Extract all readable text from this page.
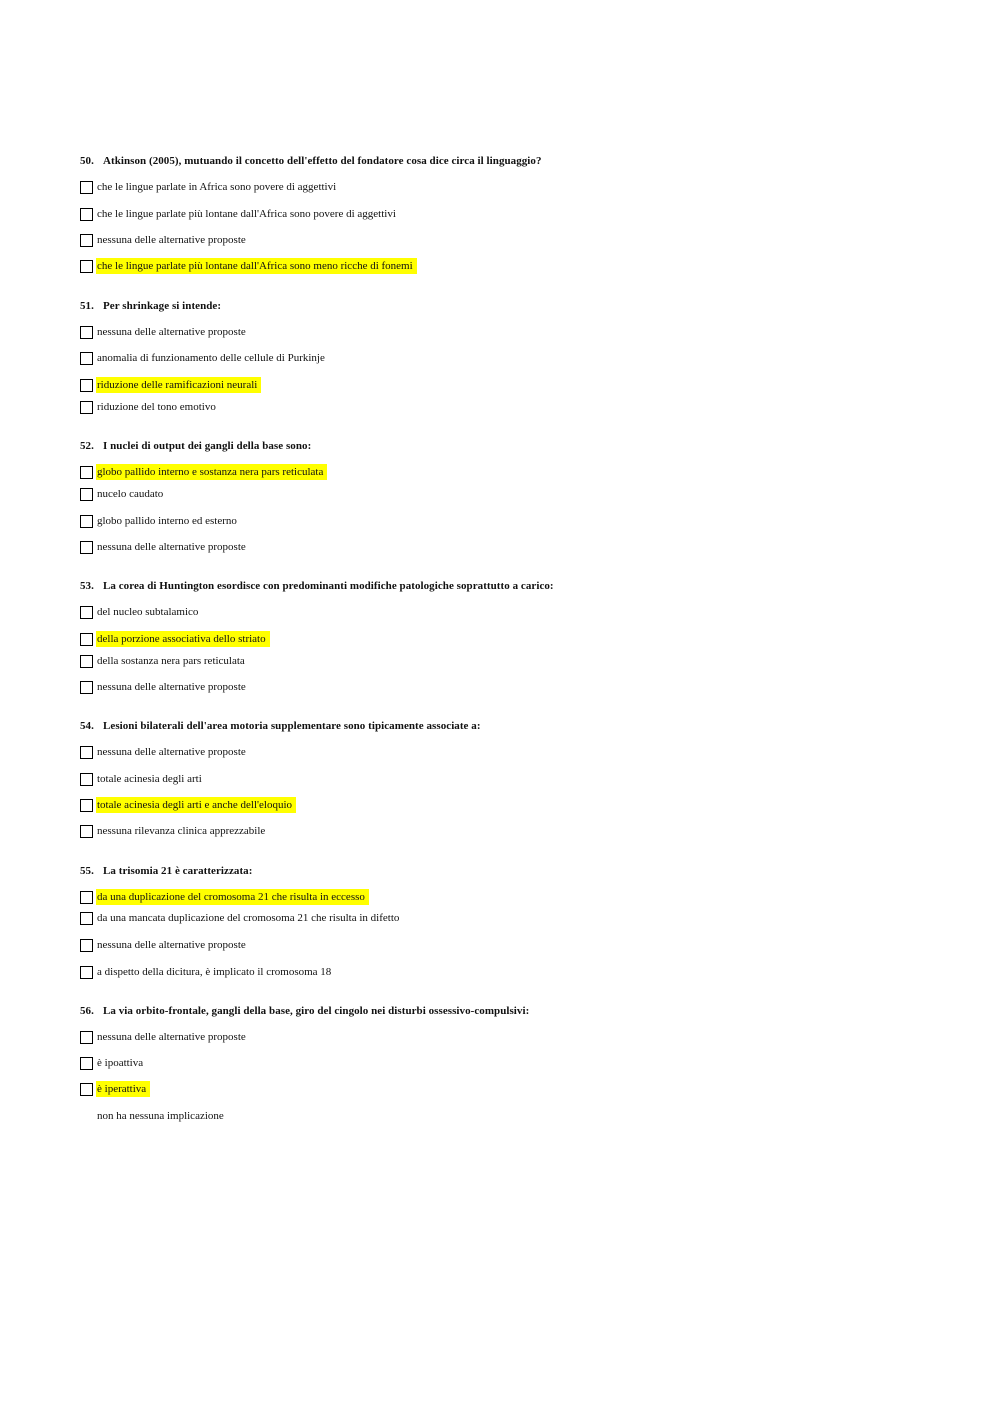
50. Atkinson (2005), mutuando il concetto dell'effetto del fondatore cosa dice circa il linguaggio?
che le lingue parlate in Africa sono povere di aggettivi
che le lingue parlate più lontane dall'Africa sono povere di aggettivi
nessuna delle alternative proposte
che le lingue parlate più lontane dall'Africa sono meno ricche di fonemi
51. Per shrinkage si intende:
nessuna delle alternative proposte
anomalia di funzionamento delle cellule di Purkinje
riduzione delle ramificazioni neurali
riduzione del tono emotivo
52. I nuclei di output dei gangli della base sono:
globo pallido interno e sostanza nera pars reticulata
nucelo caudato
globo pallido interno ed esterno
nessuna delle alternative proposte
53. La corea di Huntington esordisce con predominanti modifiche patologiche soprattutto a carico:
del nucleo subtalamico
della porzione associativa dello striato
della sostanza nera pars reticulata
nessuna delle alternative proposte
54. Lesioni bilaterali dell'area motoria supplementare sono tipicamente associate a:
nessuna delle alternative proposte
totale acinesia degli arti
totale acinesia degli arti e anche dell'eloquio
nessuna rilevanza clinica apprezzabile
55. La trisomia 21 è caratterizzata:
da una duplicazione del cromosoma 21 che risulta in eccesso
da una mancata duplicazione del cromosoma 21 che risulta in difetto
nessuna delle alternative proposte
a dispetto della dicitura, è implicato il cromosoma 18
56. La via orbito-frontale, gangli della base, giro del cingolo nei disturbi ossessivo-compulsivi:
nessuna delle alternative proposte
è ipoattiva
è iperattiva
non ha nessuna implicazione
